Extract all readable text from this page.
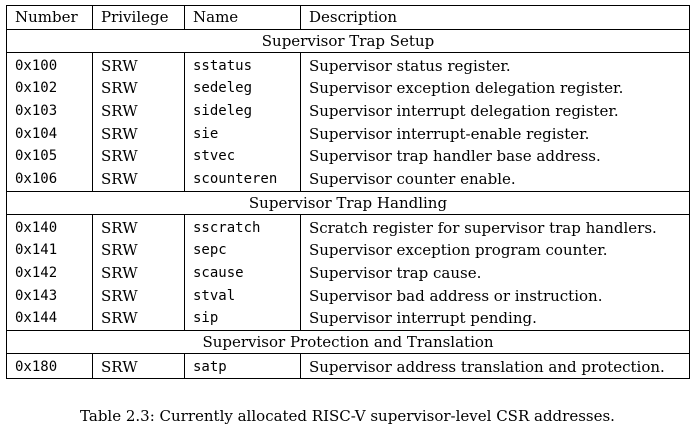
Number	Privilege	Name	Description
Supervisor Trap Setup			
0x100	SRW	sstatus	Supervisor status register.
0x102	SRW	sedeleg	Supervisor exception delegation register.
0x103	SRW	sideleg	Supervisor interrupt delegation register.
0x104	SRW	sie	Supervisor interrupt-enable register.
0x105	SRW	stvec	Supervisor trap handler base address.
0x106	SRW	scounteren	Supervisor counter enable.
Supervisor Trap Handling			
0x140	SRW	sscratch	Scratch register for supervisor trap handlers.
0x141	SRW	sepc	Supervisor exception program counter.
0x142	SRW	scause	Supervisor trap cause.
0x143	SRW	stval	Supervisor bad address or instruction.
0x144	SRW	sip	Supervisor interrupt pending.
Supervisor Protection and Translation			
0x180	SRW	satp	Supervisor address translation and protection.
Table 2.3: Currently allocated RISC-V supervisor-level CSR addresses.
